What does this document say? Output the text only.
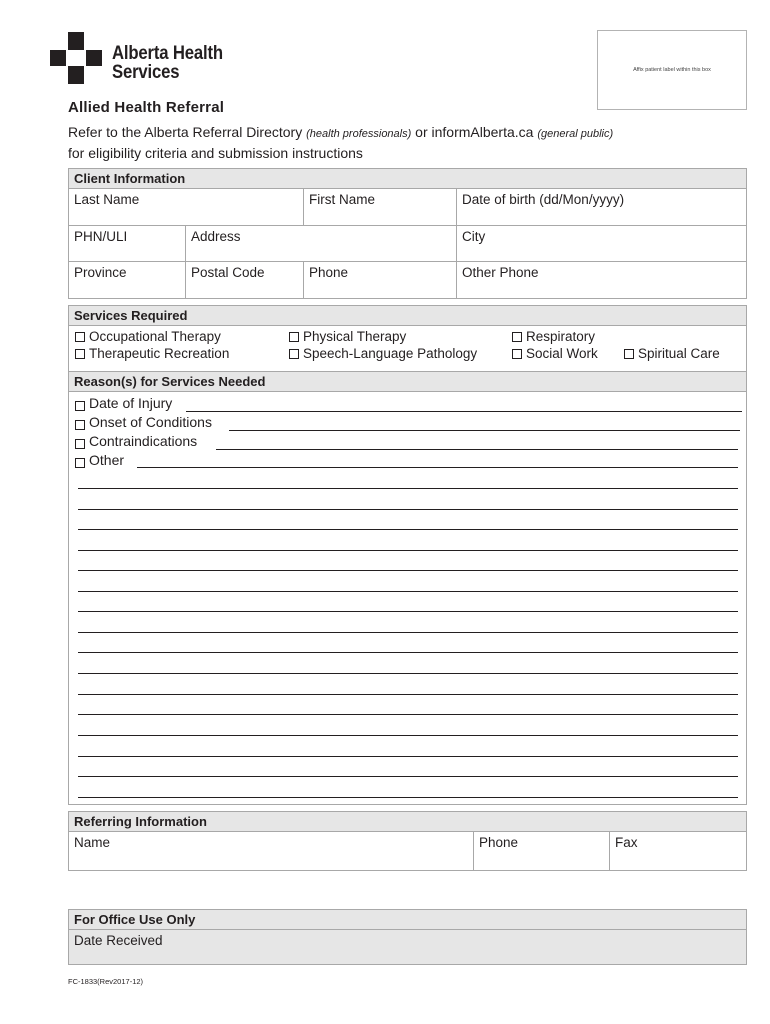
Alberta Health
Services	Affix patient label within this box
Allied Health Referral
Refer to the Alberta Referral Directory (health professionals) or informAlberta.ca (general public)
for eligibility criteria and submission instructions
Client Information
Last Name	First Name	Date of birth (dd/Mon/yyyy)
PHN/ULI	Address	City
Province	Postal Code	Phone	Other Phone
Services Required
Occupational Therapy	Physical Therapy	Respiratory
Therapeutic Recreation	Speech-Language Pathology	Social Work	Spiritual Care
Reason(s) for Services Needed
Date of Injury
Onset of Conditions
Contraindications
Other
Referring Information
Name	Phone	Fax
For Office Use Only
Date Received
FC-1833(Rev2017-12)
